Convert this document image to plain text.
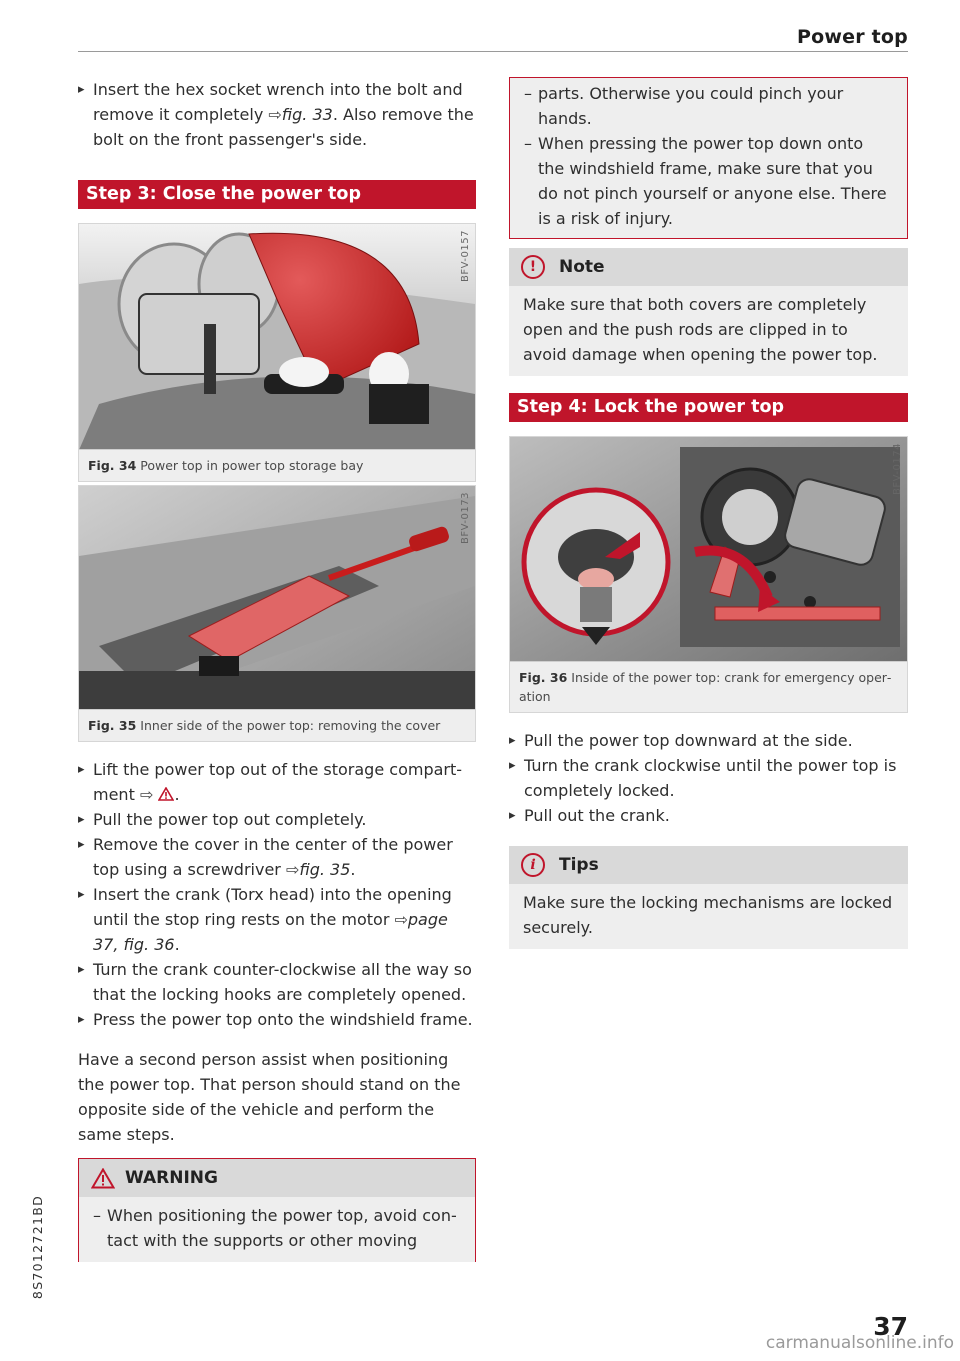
Power top
▸ Insert the hex socket wrench into the bolt and remove it completely ⇨fig. 33. Also remove the bolt on the front passenger's side.
Step 3: Close the power top
BFV-0157
Fig. 34 Power top in power top storage bay
BFV-0173
Fig. 35 Inner side of the power top: removing the cover
▸ Lift the power top out of the storage compartment ⇨ .
▸ Pull the power top out completely.
▸ Remove the cover in the center of the power top using a screwdriver ⇨fig. 35.
▸ Insert the crank (Torx head) into the opening until the stop ring rests on the motor ⇨page 37, fig. 36.
▸ Turn the crank counter-clockwise all the way so that the locking hooks are completely opened.
▸ Press the power top onto the windshield frame.

Have a second person assist when positioning the power top. That person should stand on the opposite side of the vehicle and perform the same steps.

WARNING
– When positioning the power top, avoid contact with the supports or other moving
– parts. Otherwise you could pinch your hands.
– When pressing the power top down onto the windshield frame, make sure that you do not pinch yourself or anyone else. There is a risk of injury.
!	Note
Make sure that both covers are completely open and the push rods are clipped in to avoid damage when opening the power top.
Step 4: Lock the power top
BFV-0174
Fig. 36 Inside of the power top: crank for emergency operation
▸ Pull the power top downward at the side.
▸ Turn the crank clockwise until the power top is completely locked.
▸ Pull out the crank.
i	Tips
Make sure the locking mechanisms are locked securely.
8S7012721BD
37
carmanualsonline.info
